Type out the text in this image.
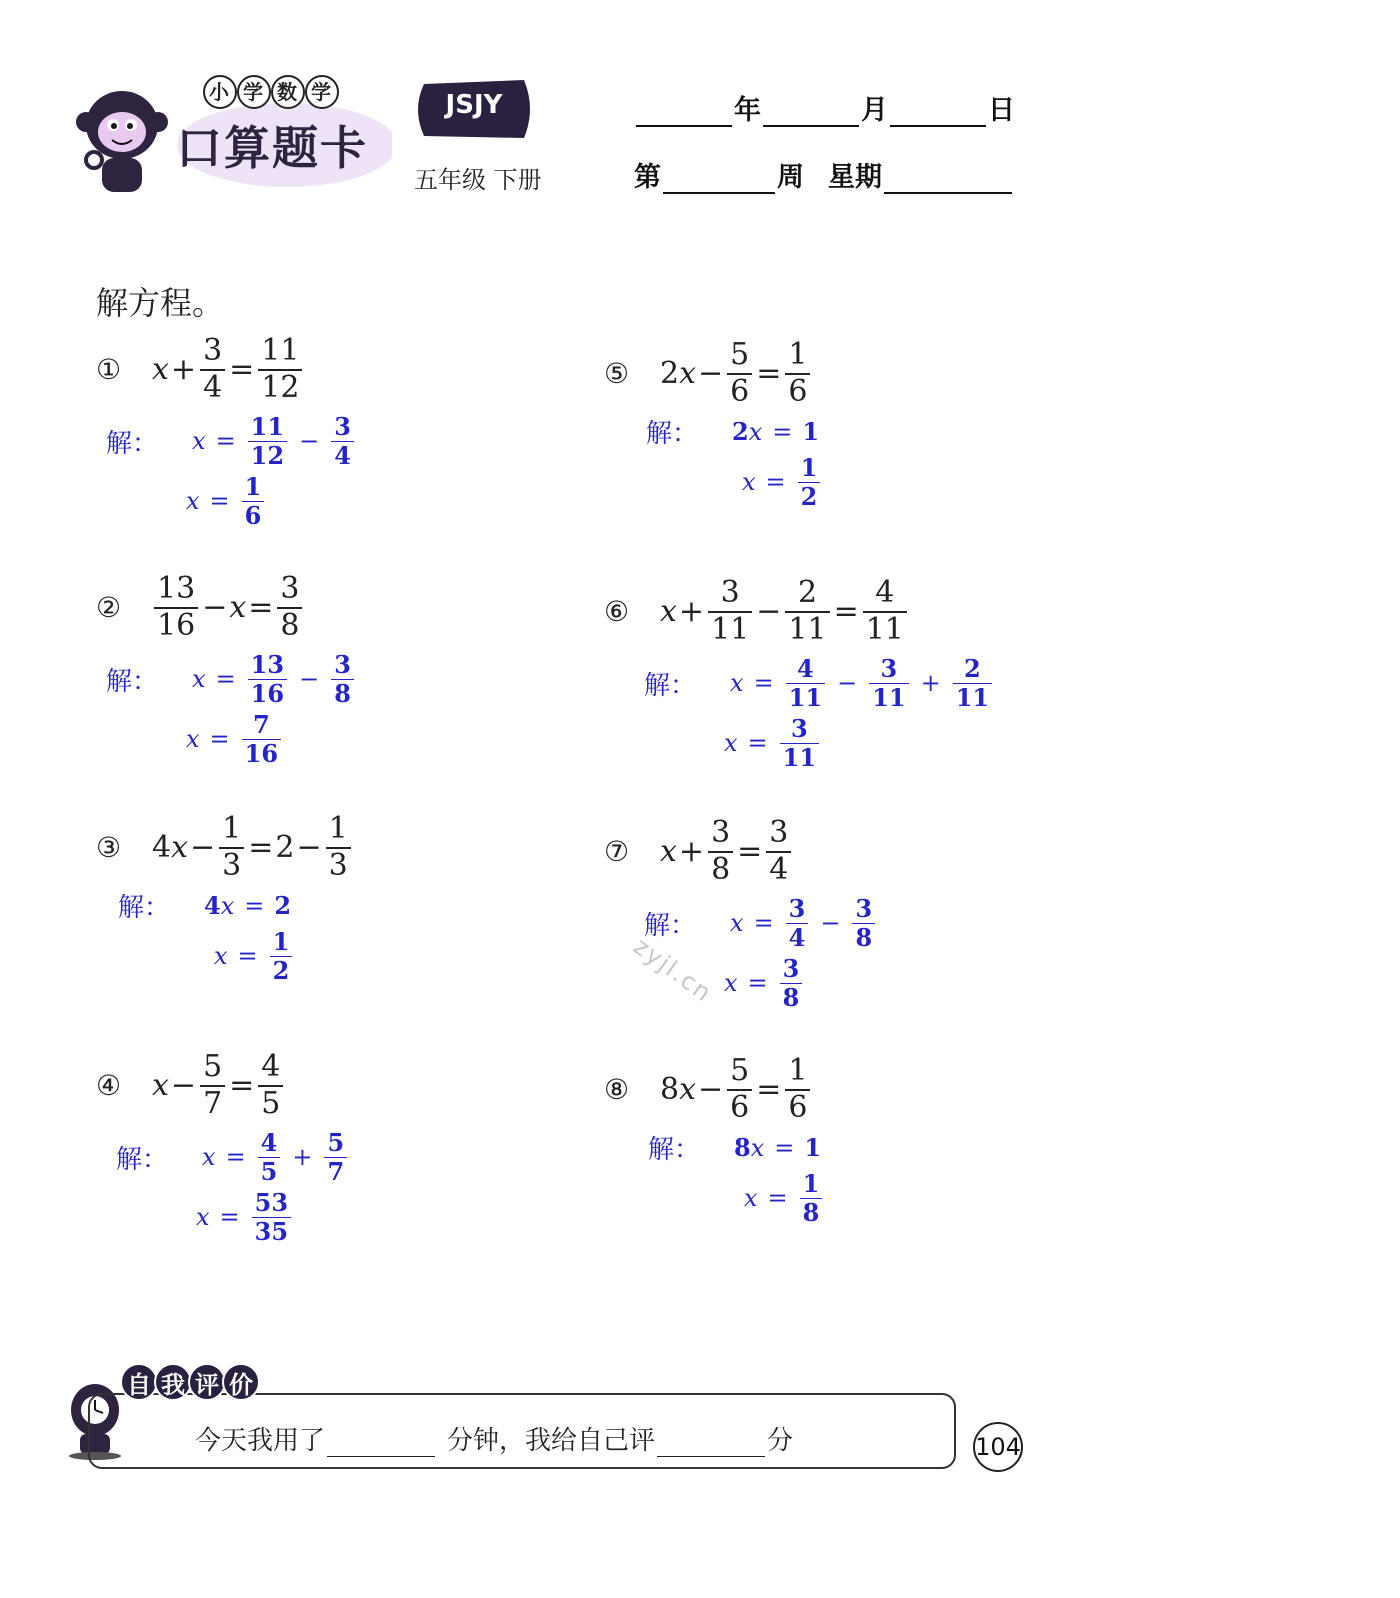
小 学 数 学
口算题卡
JSJY
五年级 下册
年	月	日
第	周 星期
解方程。
① $x + \frac{3}{4} = \frac{11}{12}$
解： $x = \frac{11}{12} - \frac{3}{4}$
$x = \frac{1}{6}$
② $\frac{13}{16} - x = \frac{3}{8}$
解： $x = \frac{13}{16} - \frac{3}{8}$
$x = \frac{7}{16}$
③ 4 $x - \frac{1}{3} = 2 - \frac{1}{3}$
解： 4 x = 2
$x = \frac{1}{2}$
④ $x - \frac{5}{7} = \frac{4}{5}$
解： $x = \frac{4}{5} + \frac{5}{7}$
$x = \frac{53}{35}$
⑤ 2 $x - \frac{5}{6} = \frac{1}{6}$
解： 2 x = 1
$x = \frac{1}{2}$
⑥ $x + \frac{3}{11} - \frac{2}{11} = \frac{4}{11}$
解： $x = \frac{4}{11} - \frac{3}{11} + \frac{2}{11}$
$x = \frac{3}{11}$
⑦ $x + \frac{3}{8} = \frac{3}{4}$
解： $x = \frac{3}{4} - \frac{3}{8}$
$x = \frac{3}{8}$
⑧ 8 $x - \frac{5}{6} = \frac{1}{6}$
解： 8 x = 1
$x = \frac{1}{8}$
zyjl.cn
自 我 评 价
今天我用了	分钟，我给自己评	分	104
